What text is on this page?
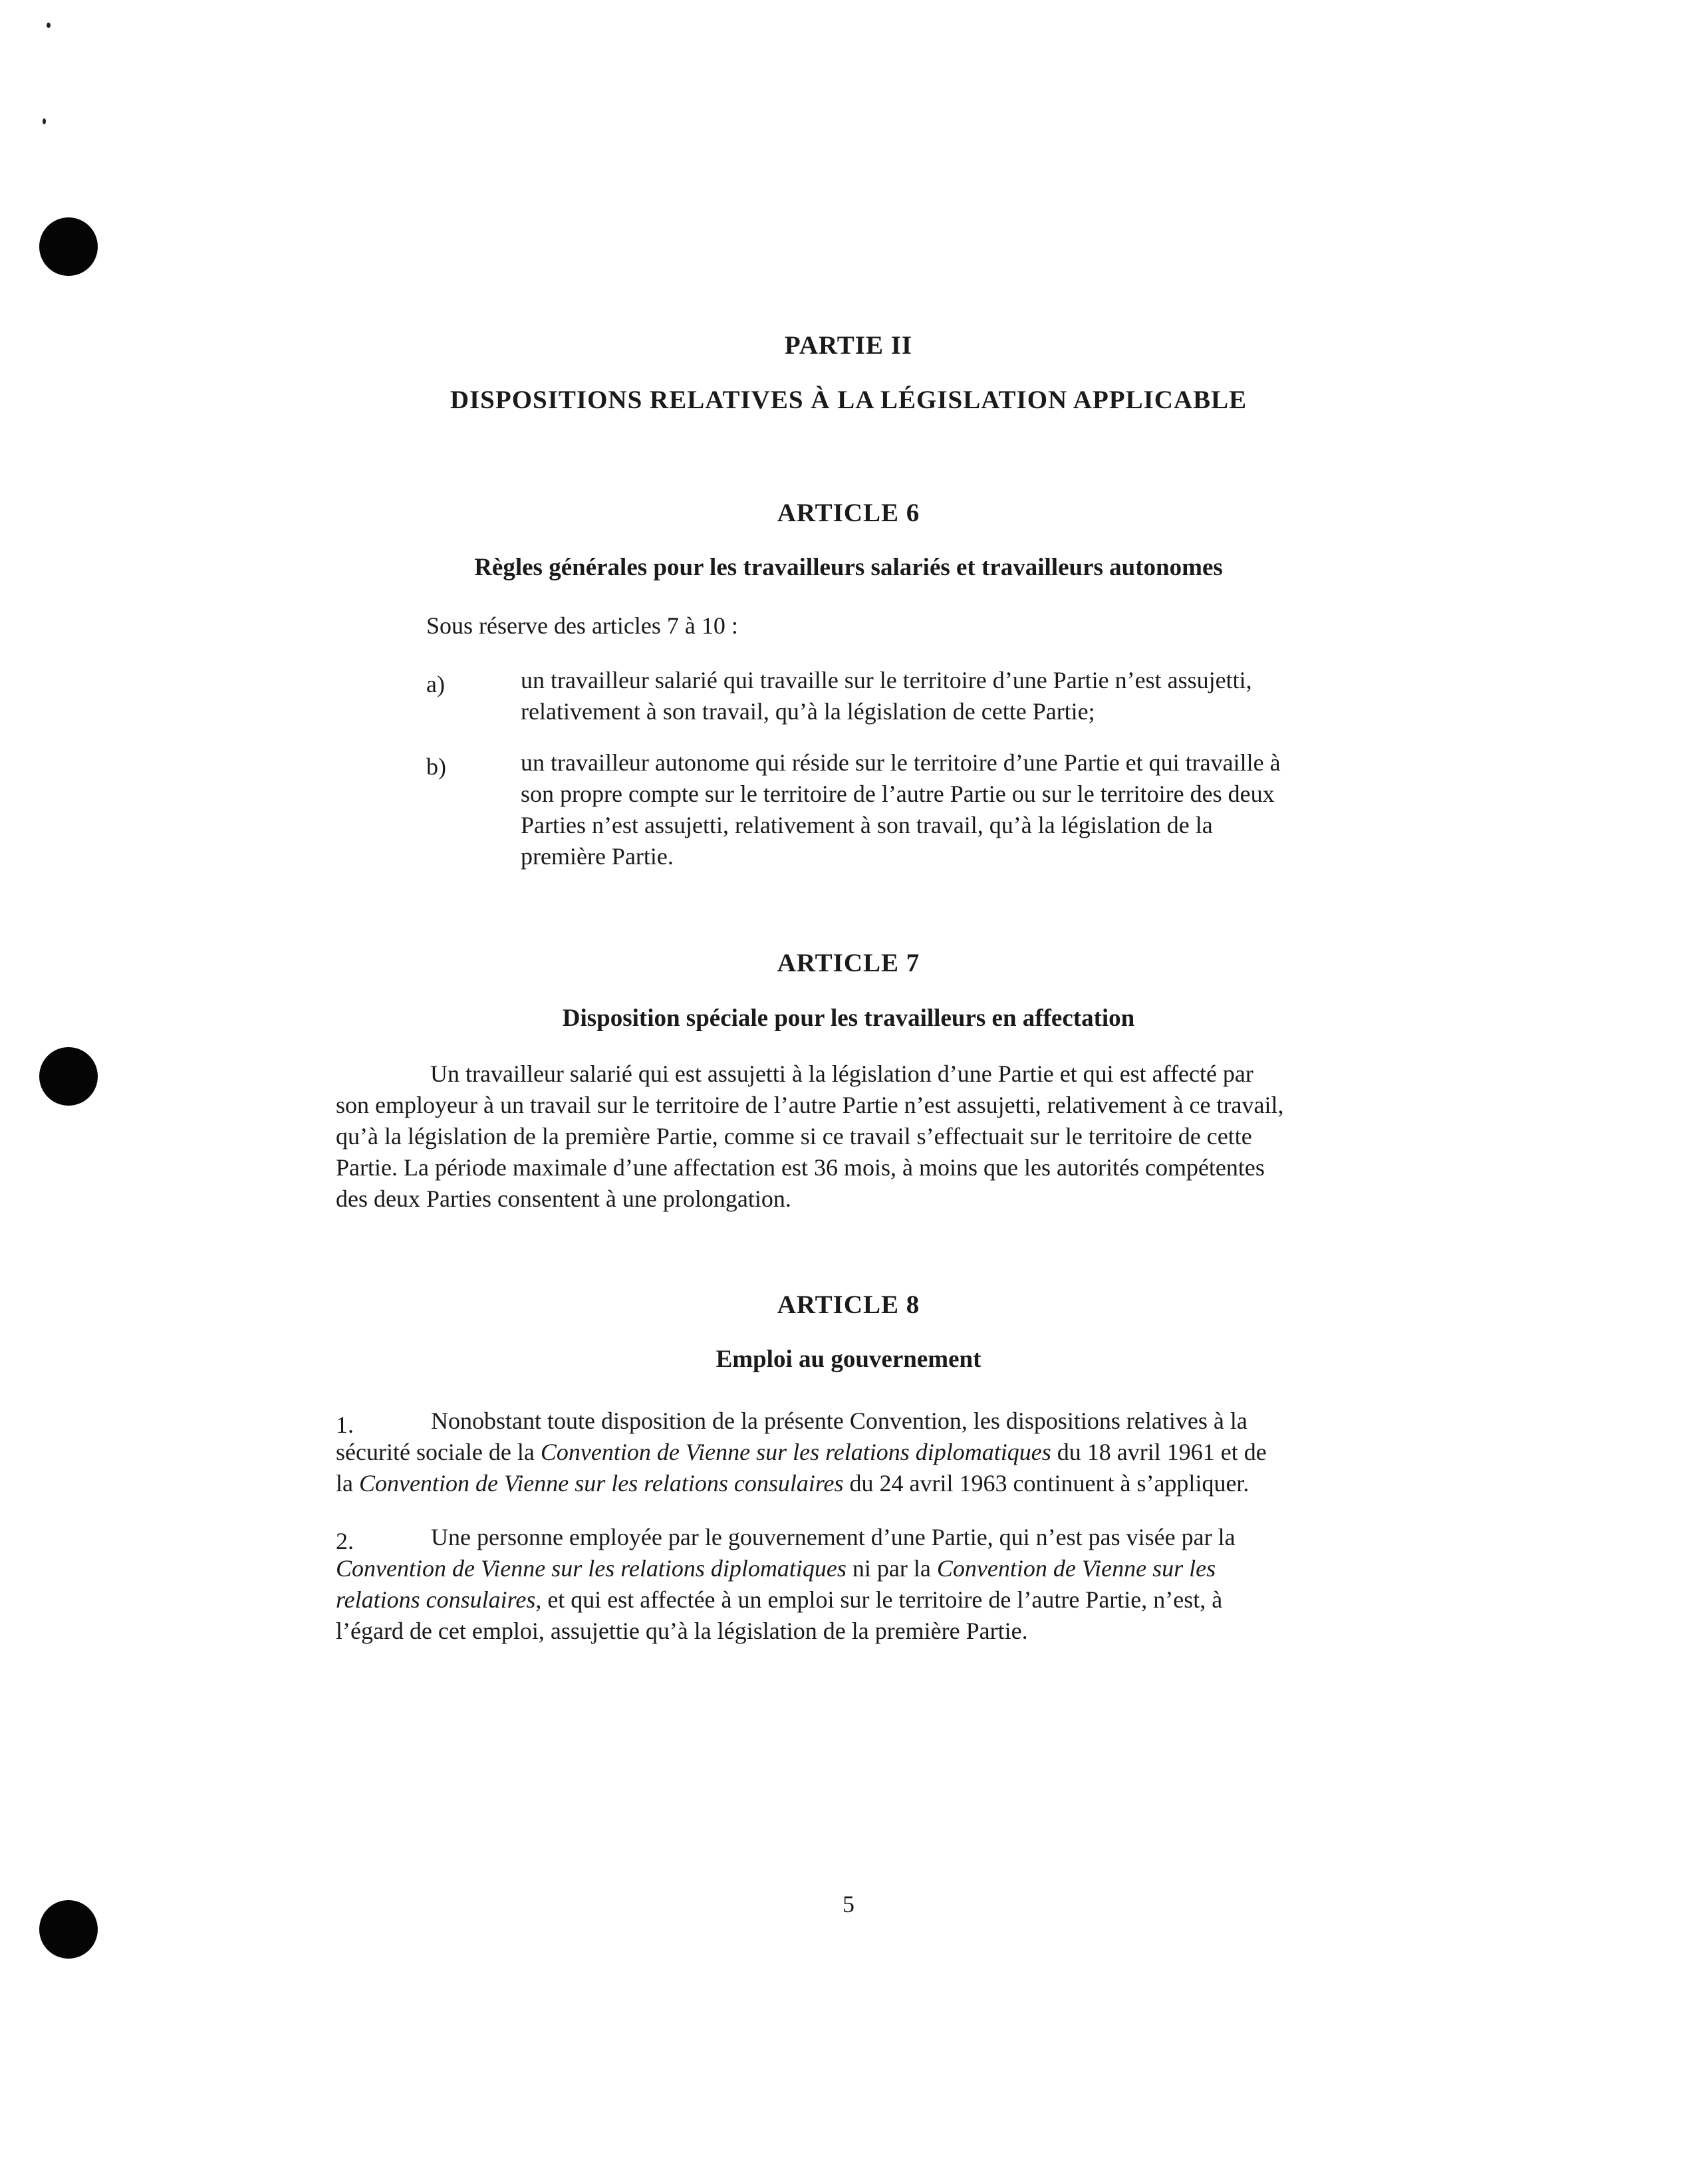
PARTIE II
DISPOSITIONS RELATIVES À LA LÉGISLATION APPLICABLE
ARTICLE 6
Règles générales pour les travailleurs salariés et travailleurs autonomes
Sous réserve des articles 7 à 10 :
a)	un travailleur salarié qui travaille sur le territoire d’une Partie n’est assujetti,
relativement à son travail, qu’à la législation de cette Partie;
b)	un travailleur autonome qui réside sur le territoire d’une Partie et qui travaille à
son propre compte sur le territoire de l’autre Partie ou sur le territoire des deux
Parties n’est assujetti, relativement à son travail, qu’à la législation de la
première Partie.
ARTICLE 7
Disposition spéciale pour les travailleurs en affectation
Un travailleur salarié qui est assujetti à la législation d’une Partie et qui est affecté par
son employeur à un travail sur le territoire de l’autre Partie n’est assujetti, relativement à ce travail,
qu’à la législation de la première Partie, comme si ce travail s’effectuait sur le territoire de cette
Partie. La période maximale d’une affectation est 36 mois, à moins que les autorités compétentes
des deux Parties consentent à une prolongation.
ARTICLE 8
Emploi au gouvernement
1.	Nonobstant toute disposition de la présente Convention, les dispositions relatives à la
sécurité sociale de la Convention de Vienne sur les relations diplomatiques du 18 avril 1961 et de
la Convention de Vienne sur les relations consulaires du 24 avril 1963 continuent à s’appliquer.
2.	Une personne employée par le gouvernement d’une Partie, qui n’est pas visée par la
Convention de Vienne sur les relations diplomatiques ni par la Convention de Vienne sur les
relations consulaires, et qui est affectée à un emploi sur le territoire de l’autre Partie, n’est, à
l’égard de cet emploi, assujettie qu’à la législation de la première Partie.
5
